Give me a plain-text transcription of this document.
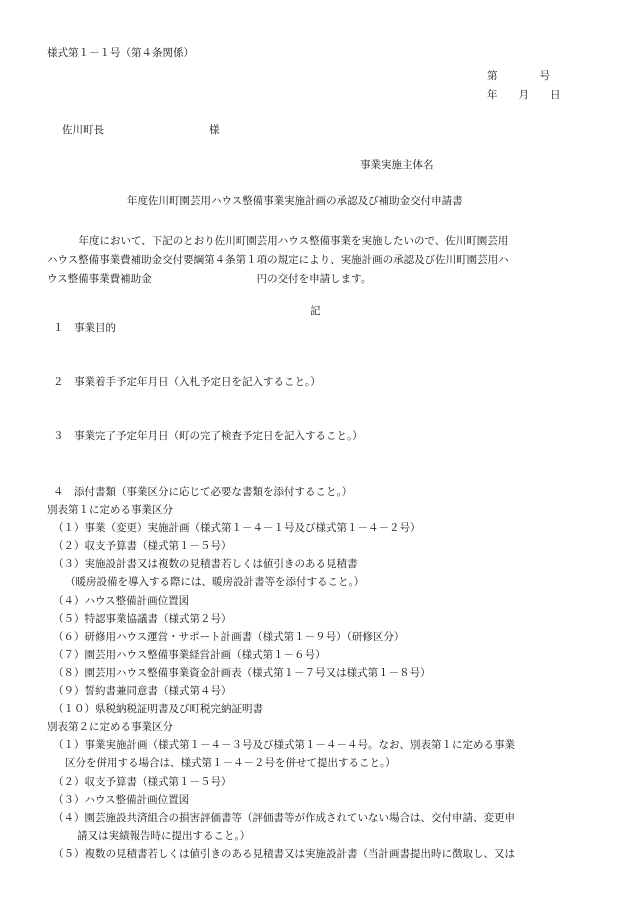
様式第１－１号（第４条関係）
第　　　　号
年　　月　　日
佐川町長　　　　　　　　　　様
事業実施主体名
年度佐川町園芸用ハウス整備事業実施計画の承認及び補助金交付申請書
　　　年度において、下記のとおり佐川町園芸用ハウス整備事業を実施したいので、佐川町園芸用
ハウス整備事業費補助金交付要綱第４条第１項の規定により、実施計画の承認及び佐川町園芸用ハ
ウス整備事業費補助金　　　　　　　　　　円の交付を申請します。
記
１　事業目的
２　事業着手予定年月日（入札予定日を記入すること。）
３　事業完了予定年月日（町の完了検査予定日を記入すること。）
４　添付書類（事業区分に応じて必要な書類を添付すること。）
別表第１に定める事業区分
（１）事業（変更）実施計画（様式第１－４－１号及び様式第１－４－２号）
（２）収支予算書（様式第１－５号）
（３）実施設計書又は複数の見積書若しくは値引きのある見積書
（暖房設備を導入する際には、暖房設計書等を添付すること。）
（４）ハウス整備計画位置図
（５）特認事業協議書（様式第２号）
（６）研修用ハウス運営・サポート計画書（様式第１－９号）（研修区分）
（７）園芸用ハウス整備事業経営計画（様式第１－６号）
（８）園芸用ハウス整備事業資金計画表（様式第１－７号又は様式第１－８号）
（９）誓約書兼同意書（様式第４号）
（１０）県税納税証明書及び町税完納証明書
別表第２に定める事業区分
（１）事業実施計画（様式第１－４－３号及び様式第１－４－４号。なお、別表第１に定める事業
区分を併用する場合は、様式第１－４－２号を併せて提出すること。）
（２）収支予算書（様式第１－５号）
（３）ハウス整備計画位置図
（４）園芸施設共済組合の損害評価書等（評価書等が作成されていない場合は、交付申請、変更申
請又は実績報告時に提出すること。）
（５）複数の見積書若しくは値引きのある見積書又は実施設計書（当計画書提出時に徴取し、又は
